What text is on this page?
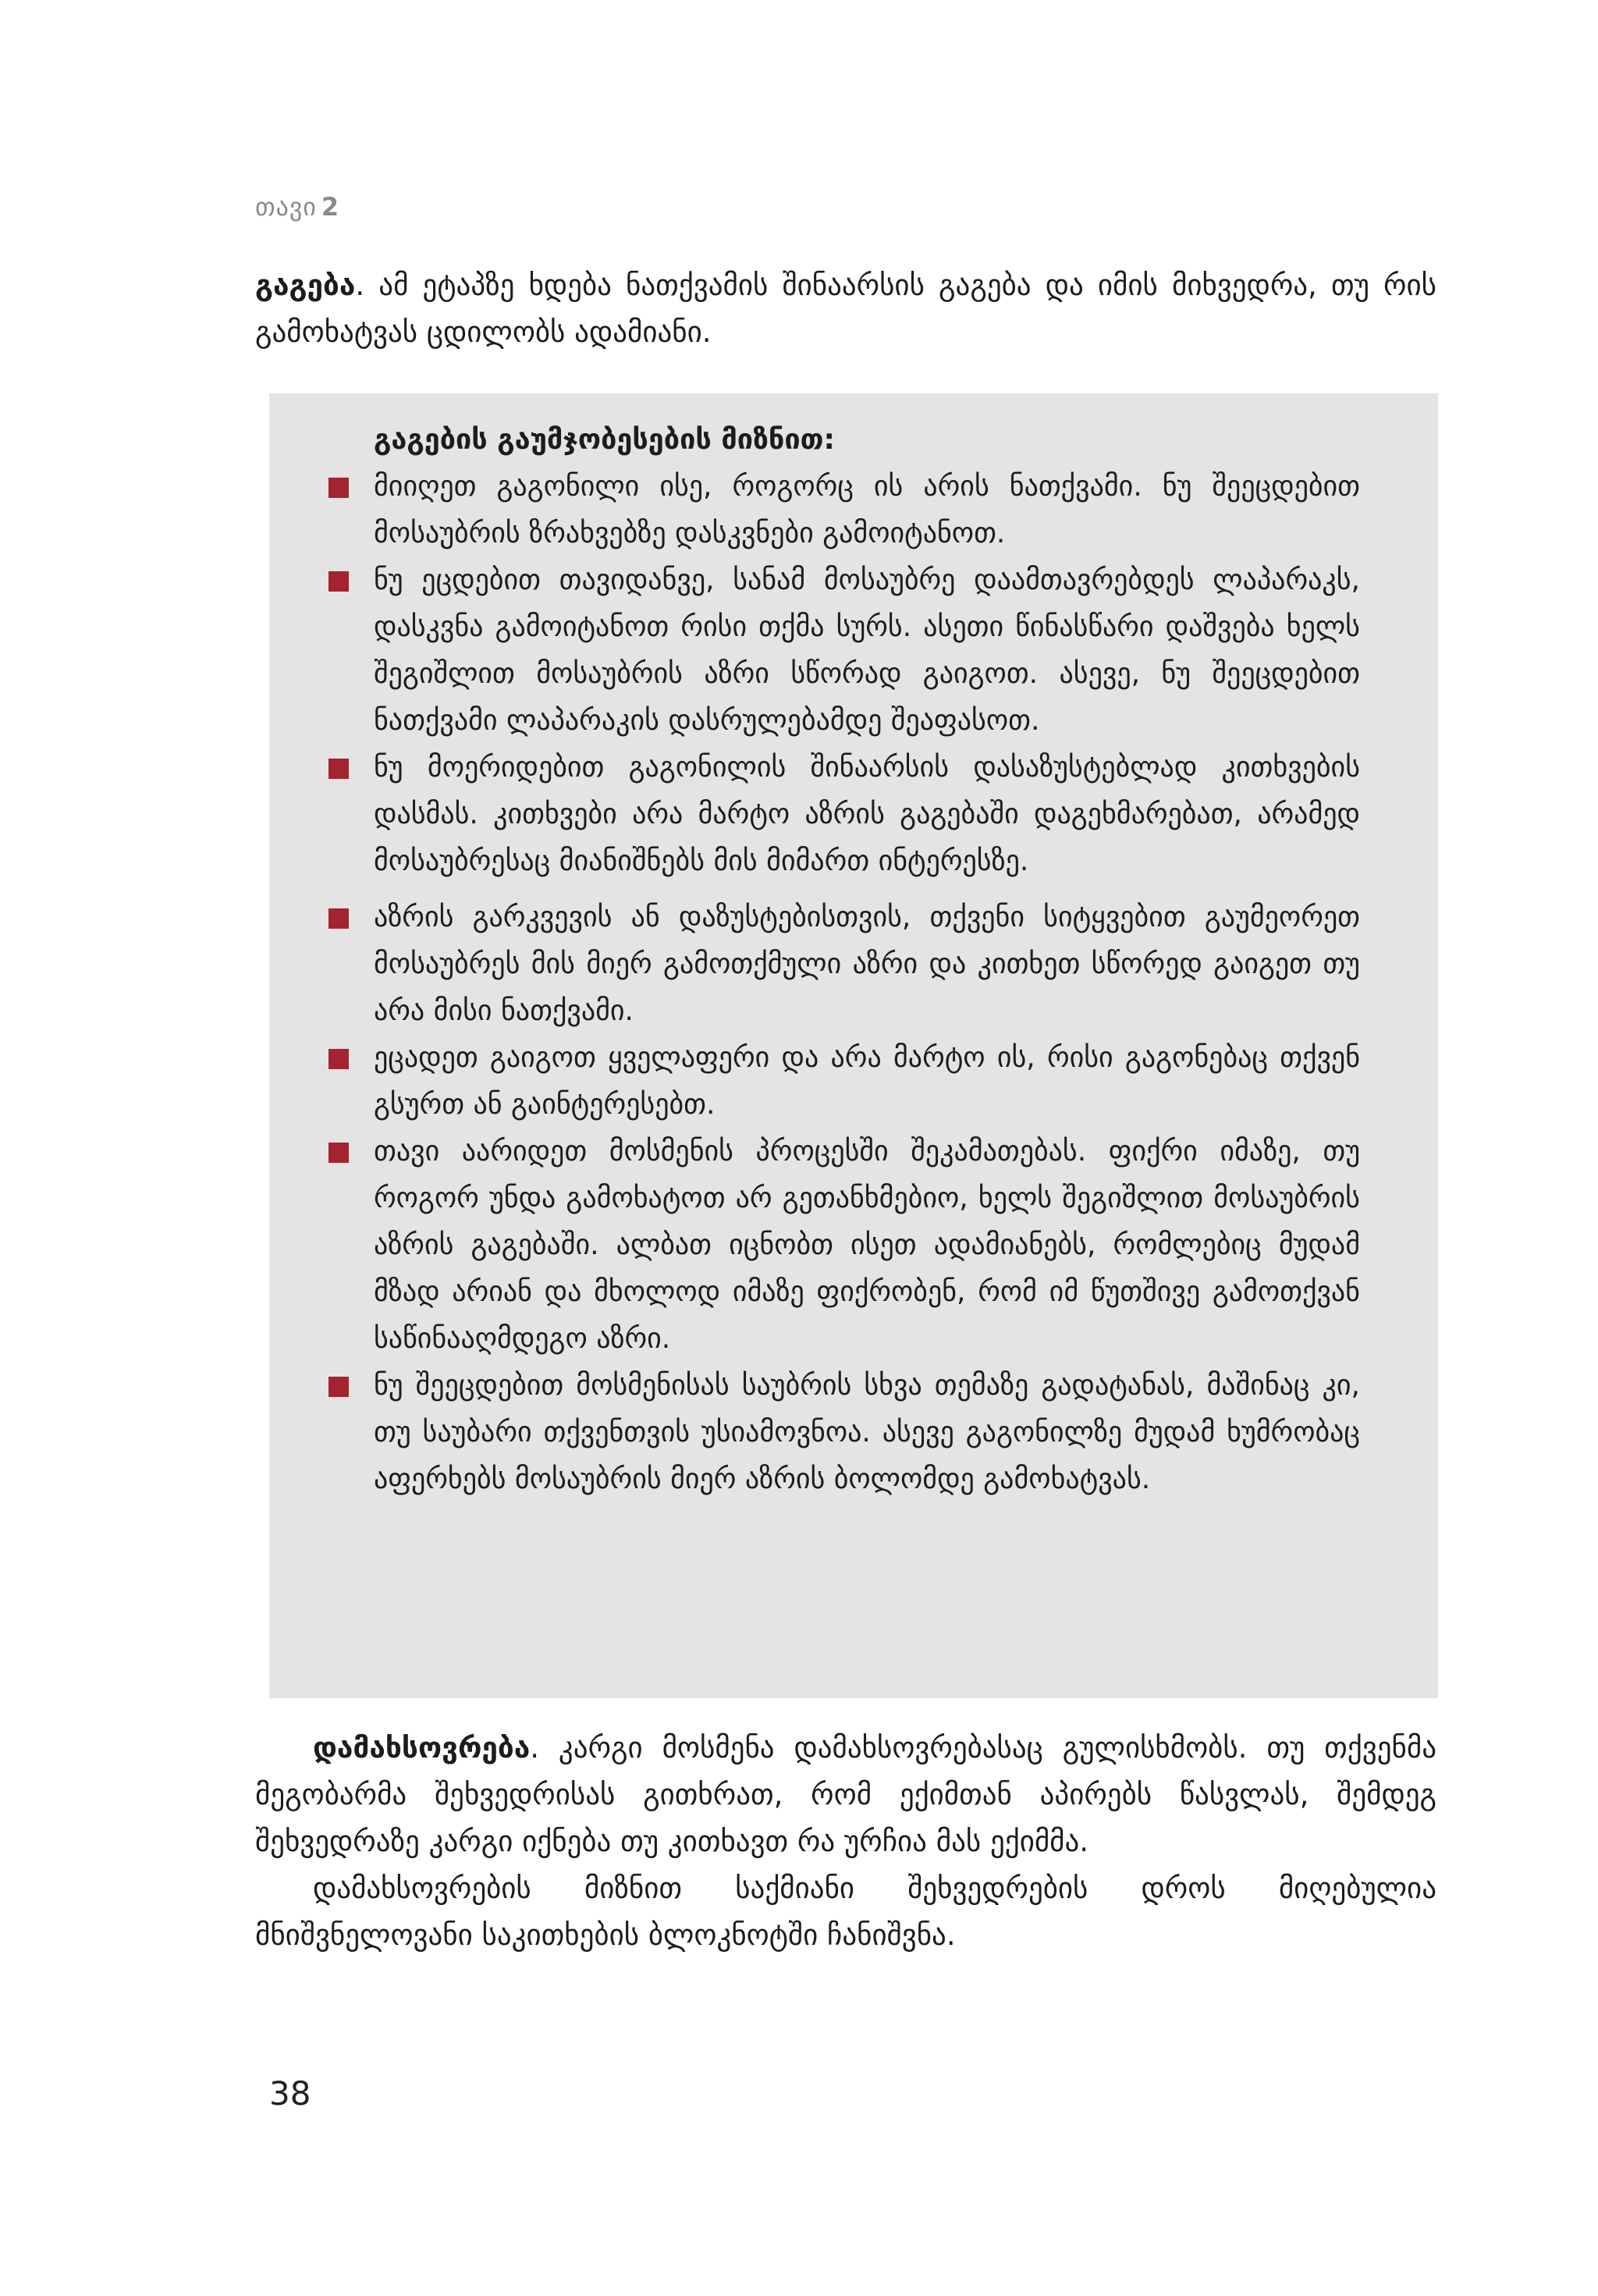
თავი 2

გაგება. ამ ეტაპზე ხდება ნათქვამის შინაარსის გაგება და იმის მიხვედრა, თუ რის გამოხატვას ცდილობს ადამიანი.

გაგების გაუმჯობესების მიზნით:

მიიღეთ გაგონილი ისე, როგორც ის არის ნათქვამი. ნუ შეეცდებით მოსაუბრის ზრახვებზე დასკვნები გამოიტანოთ.
ნუ ეცდებით თავიდანვე, სანამ მოსაუბრე დაამთავრებდეს ლაპარაკს, დასკვნა გამოიტანოთ რისი თქმა სურს. ასეთი წინასწარი დაშვება ხელს შეგიშლით მოსაუბრის აზრი სწორად გაიგოთ. ასევე, ნუ შეეცდებით ნათქვამი ლაპარაკის დასრულებამდე შეაფასოთ.
ნუ მოერიდებით გაგონილის შინაარსის დასაზუსტებლად კითხვების დასმას. კითხვები არა მარტო აზრის გაგებაში დაგეხმარებათ, არამედ მოსაუბრესაც მიანიშნებს მის მიმართ ინტერესზე.
აზრის გარკვევის ან დაზუსტებისთვის, თქვენი სიტყვებით გაუმეორეთ მოსაუბრეს მის მიერ გამოთქმული აზრი და კითხეთ სწორედ გაიგეთ თუ არა მისი ნათქვამი.
ეცადეთ გაიგოთ ყველაფერი და არა მარტო ის, რისი გაგონებაც თქვენ გსურთ ან გაინტერესებთ.
თავი აარიდეთ მოსმენის პროცესში შეკამათებას. ფიქრი იმაზე, თუ როგორ უნდა გამოხატოთ არ გეთანხმებიო, ხელს შეგიშლით მოსაუბრის აზრის გაგებაში. ალბათ იცნობთ ისეთ ადამიანებს, რომლებიც მუდამ მზად არიან და მხოლოდ იმაზე ფიქრობენ, რომ იმ წუთშივე გამოთქვან საწინააღმდეგო აზრი.
ნუ შეეცდებით მოსმენისას საუბრის სხვა თემაზე გადატანას, მაშინაც კი, თუ საუბარი თქვენთვის უსიამოვნოა. ასევე გაგონილზე მუდამ ხუმრობაც აფერხებს მოსაუბრის მიერ აზრის ბოლომდე გამოხატვას.

დამახსოვრება. კარგი მოსმენა დამახსოვრებასაც გულისხმობს. თუ თქვენმა მეგობარმა შეხვედრისას გითხრათ, რომ ექიმთან აპირებს წასვლას, შემდეგ შეხვედრაზე კარგი იქნება თუ კითხავთ რა ურჩია მას ექიმმა.
დამახსოვრების მიზნით საქმიანი შეხვედრების დროს მიღებულია მნიშვნელოვანი საკითხების ბლოკნოტში ჩანიშვნა.

38
